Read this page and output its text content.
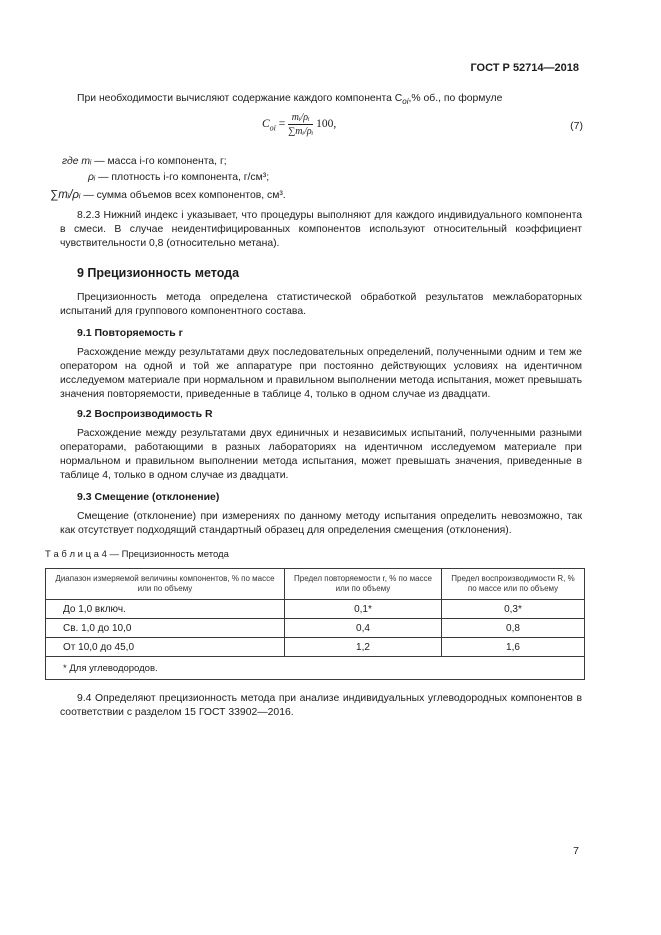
ГОСТ Р 52714—2018
При необходимости вычисляют содержание каждого компонента $C_{oi},\%$ об., по формуле
$C_{oi} = \frac{\text{mᵢ/ρᵢ}}{\text{∑mᵢ/ρᵢ}} 100$,	(7)
где mᵢ — масса i-го компонента, г;
ρᵢ — плотность i-го компонента, г/см³;
∑mᵢ/ρᵢ — сумма объемов всех компонентов, см³.
8.2.3 Нижний индекс i указывает, что процедуры выполняют для каждого индивидуального компонента в смеси. В случае неидентифицированных компонентов используют относительный коэффициент чувствительности 0,8 (относительно метана).
9 Прецизионность метода
Прецизионность метода определена статистической обработкой результатов межлабораторных испытаний для группового компонентного состава.
9.1 Повторяемость r
Расхождение между результатами двух последовательных определений, полученными одним и тем же оператором на одной и той же аппаратуре при постоянно действующих условиях на идентичном исследуемом материале при нормальном и правильном выполнении метода испытания, может превышать значения повторяемости, приведенные в таблице 4, только в одном случае из двадцати.
9.2 Воспроизводимость R
Расхождение между результатами двух единичных и независимых испытаний, полученными разными операторами, работающими в разных лабораториях на идентичном исследуемом материале при нормальном и правильном выполнении метода испытания, может превышать значения, приведенные в таблице 4, только в одном случае из двадцати.
9.3 Смещение (отклонение)
Смещение (отклонение) при измерениях по данному методу испытания определить невозможно, так как отсутствует подходящий стандартный образец для определения смещения (отклонения).
Т а б л и ц а 4 — Прецизионность метода
Диапазон измеряемой величины компонентов, % по массе или по объему	Предел повторяемости r, % по массе или по объему	Предел воспроизводимости R, % по массе или по объему
До 1,0 включ.	0,1*	0,3*
Св. 1,0 до 10,0	0,4	0,8
От 10,0 до 45,0	1,2	1,6
* Для углеводородов.		
9.4 Определяют прецизионность метода при анализе индивидуальных углеводородных компонентов в соответствии с разделом 15 ГОСТ 33902—2016.
7
